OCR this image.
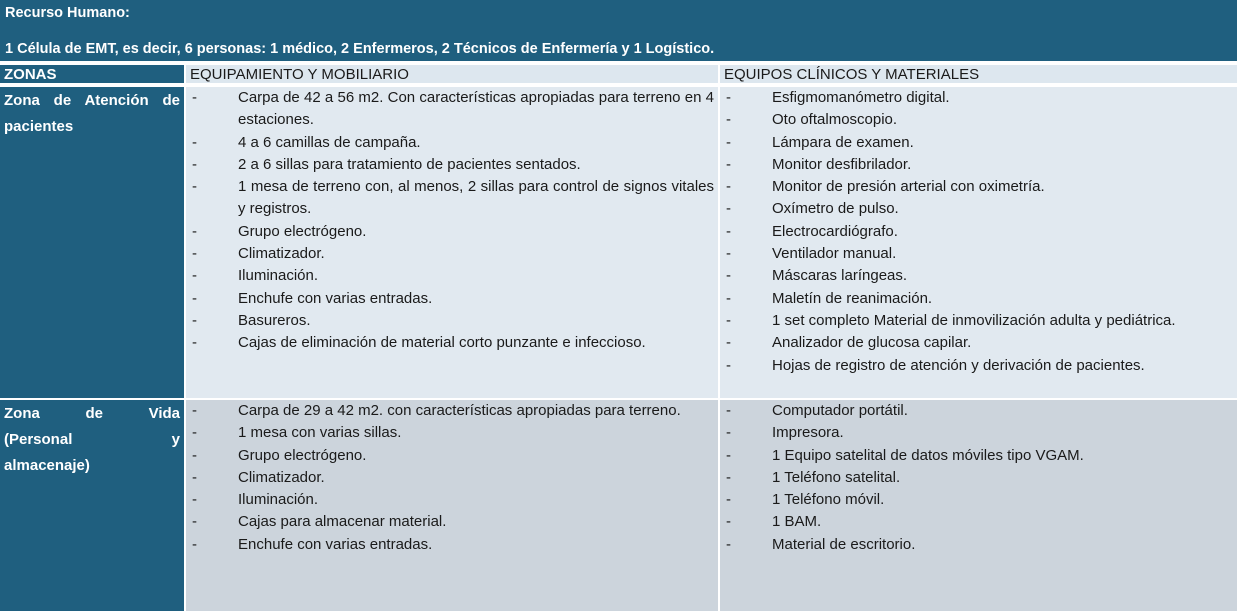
Recurso Humano:
1 Célula de EMT, es decir, 6 personas: 1 médico, 2 Enfermeros, 2 Técnicos de Enfermería y 1 Logístico.
ZONAS	EQUIPAMIENTO Y MOBILIARIO	EQUIPOS CLÍNICOS Y MATERIALES
Zona de Atención de
pacientes
- Carpa de 42 a 56 m2. Con características apropiadas para terreno en 4 estaciones.
- 4 a 6 camillas de campaña.
- 2 a 6 sillas para tratamiento de pacientes sentados.
- 1 mesa de terreno con, al menos, 2 sillas para control de signos vitales y registros.
- Grupo electrógeno.
- Climatizador.
- Iluminación.
- Enchufe con varias entradas.
- Basureros.
- Cajas de eliminación de material corto punzante e infeccioso.
- Esfigmomanómetro digital.
- Oto oftalmoscopio.
- Lámpara de examen.
- Monitor desfibrilador.
- Monitor de presión arterial con oximetría.
- Oxímetro de pulso.
- Electrocardiógrafo.
- Ventilador manual.
- Máscaras laríngeas.
- Maletín de reanimación.
- 1 set completo Material de inmovilización adulta y pediátrica.
- Analizador de glucosa capilar.
- Hojas de registro de atención y derivación de pacientes.
Zona de Vida
(Personal y
almacenaje)
- Carpa de 29 a 42 m2. con características apropiadas para terreno.
- 1 mesa con varias sillas.
- Grupo electrógeno.
- Climatizador.
- Iluminación.
- Cajas para almacenar material.
- Enchufe con varias entradas.
- Computador portátil.
- Impresora.
- 1 Equipo satelital de datos móviles tipo VGAM.
- 1 Teléfono satelital.
- 1 Teléfono móvil.
- 1 BAM.
- Material de escritorio.
